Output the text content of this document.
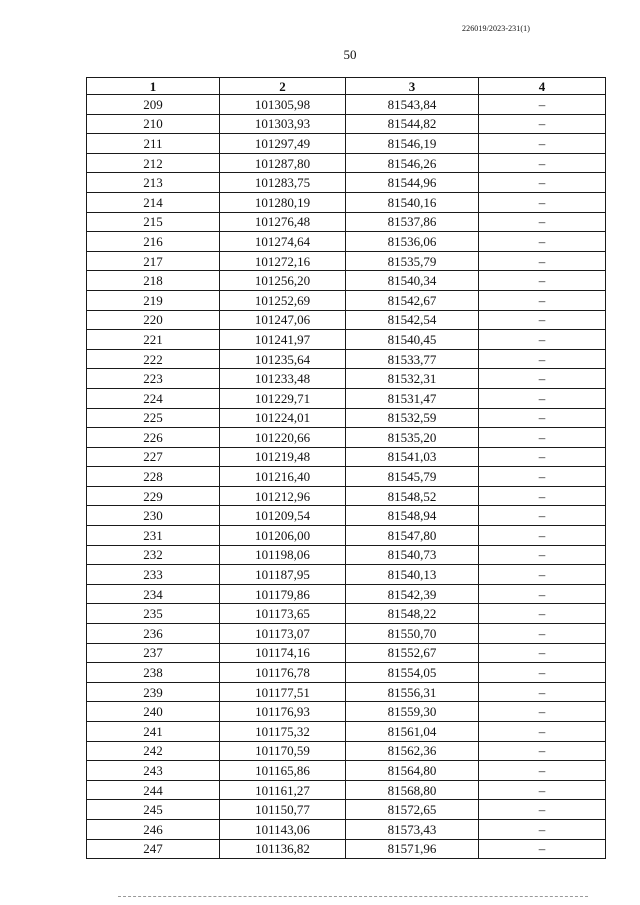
226019/2023-231(1)
50
1	2	3	4
209	101305,98	81543,84	–
210	101303,93	81544,82	–
211	101297,49	81546,19	–
212	101287,80	81546,26	–
213	101283,75	81544,96	–
214	101280,19	81540,16	–
215	101276,48	81537,86	–
216	101274,64	81536,06	–
217	101272,16	81535,79	–
218	101256,20	81540,34	–
219	101252,69	81542,67	–
220	101247,06	81542,54	–
221	101241,97	81540,45	–
222	101235,64	81533,77	–
223	101233,48	81532,31	–
224	101229,71	81531,47	–
225	101224,01	81532,59	–
226	101220,66	81535,20	–
227	101219,48	81541,03	–
228	101216,40	81545,79	–
229	101212,96	81548,52	–
230	101209,54	81548,94	–
231	101206,00	81547,80	–
232	101198,06	81540,73	–
233	101187,95	81540,13	–
234	101179,86	81542,39	–
235	101173,65	81548,22	–
236	101173,07	81550,70	–
237	101174,16	81552,67	–
238	101176,78	81554,05	–
239	101177,51	81556,31	–
240	101176,93	81559,30	–
241	101175,32	81561,04	–
242	101170,59	81562,36	–
243	101165,86	81564,80	–
244	101161,27	81568,80	–
245	101150,77	81572,65	–
246	101143,06	81573,43	–
247	101136,82	81571,96	–
